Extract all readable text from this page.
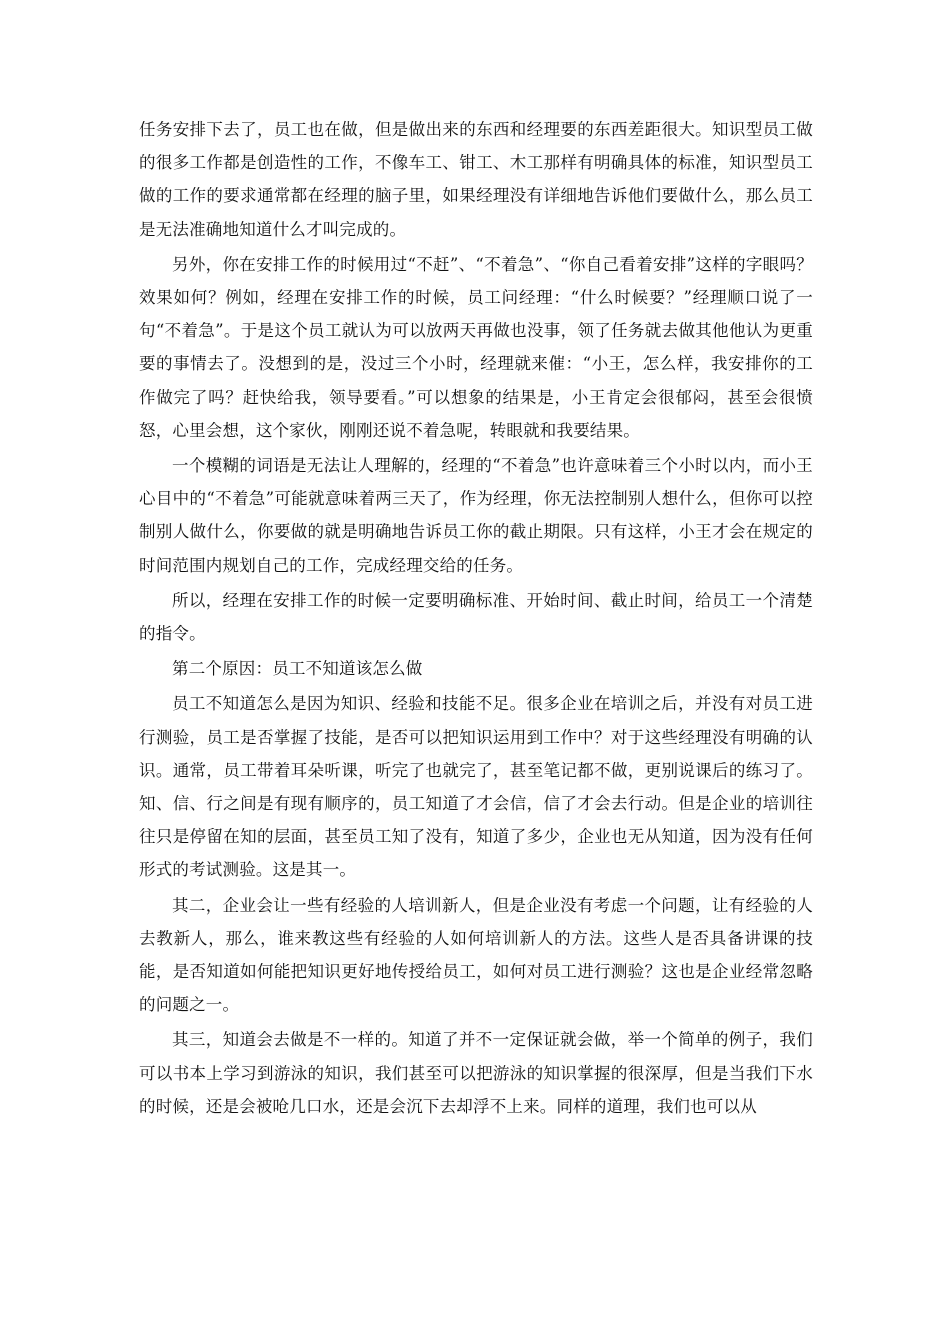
任务安排下去了，员工也在做，但是做出来的东西和经理要的东西差距很大。知识型员工做的很多工作都是创造性的工作，不像车工、钳工、木工那样有明确具体的标准，知识型员工做的工作的要求通常都在经理的脑子里，如果经理没有详细地告诉他们要做什么，那么员工是无法准确地知道什么才叫完成的。

另外，你在安排工作的时候用过“不赶”、“不着急”、“你自己看着安排”这样的字眼吗？效果如何？例如，经理在安排工作的时候，员工问经理：“什么时候要？”经理顺口说了一句“不着急”。于是这个员工就认为可以放两天再做也没事，领了任务就去做其他他认为更重要的事情去了。没想到的是，没过三个小时，经理就来催：“小王，怎么样，我安排你的工作做完了吗？赶快给我，领导要看。”可以想象的结果是，小王肯定会很郁闷，甚至会很愤怒，心里会想，这个家伙，刚刚还说不着急呢，转眼就和我要结果。

一个模糊的词语是无法让人理解的，经理的“不着急”也许意味着三个小时以内，而小王心目中的“不着急”可能就意味着两三天了，作为经理，你无法控制别人想什么，但你可以控制别人做什么，你要做的就是明确地告诉员工你的截止期限。只有这样，小王才会在规定的时间范围内规划自己的工作，完成经理交给的任务。

所以，经理在安排工作的时候一定要明确标准、开始时间、截止时间，给员工一个清楚的指令。

第二个原因：员工不知道该怎么做

员工不知道怎么是因为知识、经验和技能不足。很多企业在培训之后，并没有对员工进行测验，员工是否掌握了技能，是否可以把知识运用到工作中？对于这些经理没有明确的认识。通常，员工带着耳朵听课，听完了也就完了，甚至笔记都不做，更别说课后的练习了。知、信、行之间是有现有顺序的，员工知道了才会信，信了才会去行动。但是企业的培训往往只是停留在知的层面，甚至员工知了没有，知道了多少，企业也无从知道，因为没有任何形式的考试测验。这是其一。

其二，企业会让一些有经验的人培训新人，但是企业没有考虑一个问题，让有经验的人去教新人，那么，谁来教这些有经验的人如何培训新人的方法。这些人是否具备讲课的技能，是否知道如何能把知识更好地传授给员工，如何对员工进行测验？这也是企业经常忽略的问题之一。

其三，知道会去做是不一样的。知道了并不一定保证就会做，举一个简单的例子，我们可以书本上学习到游泳的知识，我们甚至可以把游泳的知识掌握的很深厚，但是当我们下水的时候，还是会被呛几口水，还是会沉下去却浮不上来。同样的道理，我们也可以从
